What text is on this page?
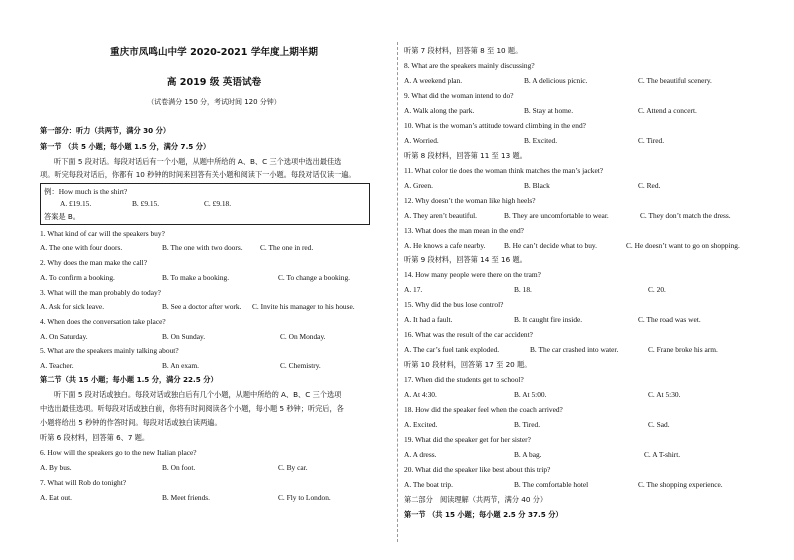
重庆市凤鸣山中学 2020-2021 学年度上期半期
高 2019 级 英语试卷
（试卷满分 150 分，考试时间 120 分钟）
第一部分：听力（共两节，满分 30 分）
第一节 （共 5 小题；每小题 1.5 分，满分 7.5 分）
听下面 5 段对话。每段对话后有一个小题，从题中所给的 A、B、C 三个选项中选出最佳选
项。听完每段对话后，你都有 10 秒钟的时间来回答有关小题和阅读下一小题。每段对话仅读一遍。
例：How much is the shirt?
A. £19.15.	B. £9.15.	C. £9.18.
答案是 B。
1. What kind of car will the speakers buy?
A. The one with four doors.	B. The one with two doors. C. The one in red.
2. Why does the man make the call?
A. To confirm a booking.	B. To make a booking.	C. To change a booking.
3. What will the man probably do today?
A. Ask for sick leave.	B. See a doctor after work. C. Invite his manager to his house.
4. When does the conversation take place?
A. On Saturday.	B. On Sunday.	C. On Monday.
5. What are the speakers mainly talking about?
A. Teacher.	B. An exam.	C. Chemistry.
第二节（共 15 小题；每小题 1.5 分，满分 22.5 分）
听下面 5 段对话或独白。每段对话或独白后有几个小题，从题中所给的 A、B、C 三个选项
中选出最佳选项。听每段对话或独白前，你将有时间阅读各个小题，每小题 5 秒钟；听完后，各
小题将给出 5 秒钟的作答时间。每段对话或独白读两遍。
听第 6 段材料，回答第 6、7 题。
6. How will the speakers go to the new Italian place?
A. By bus.	B. On foot.	C. By car.
7. What will Rob do tonight?
A. Eat out.	B. Meet friends.	C. Fly to London.
听第 7 段材料，回答第 8 至 10 题。
8. What are the speakers mainly discussing?
A. A weekend plan.	B. A delicious picnic.	C. The beautiful scenery.
9. What did the woman intend to do?
A. Walk along the park.	B. Stay at home.	C. Attend a concert.
10. What is the woman’s attitude toward climbing in the end?
A. Worried.	B. Excited.	C. Tired.
听第 8 段材料，回答第 11 至 13 题。
11. What color tie does the woman think matches the man’s jacket?
A. Green.	B. Black	C. Red.
12. Why doesn’t the woman like high heels?
A. They aren’t beautiful.	B. They are uncomfortable to wear.	C. They don’t match the dress.
13. What does the man mean in the end?
A. He knows a cafe nearby.	B. He can’t decide what to buy.	C. He doesn’t want to go on shopping.
听第 9 段材料，回答第 14 至 16 题。
14. How many people were there on the tram?
A. 17.	B. 18.	C. 20.
15. Why did the bus lose control?
A. It had a fault.	B. It caught fire inside.	C. The road was wet.
16. What was the result of the car accident?
A. The car’s fuel tank exploded.	B. The car crashed into water.	C. Frane broke his arm.
听第 10 段材料，回答第 17 至 20 题。
17. When did the students get to school?
A. At 4:30.	B. At 5:00.	C. At 5:30.
18. How did the speaker feel when the coach arrived?
A. Excited.	B. Tired.	C. Sad.
19. What did the speaker get for her sister?
A. A dress.	B. A bag.	C. A T-shirt.
20. What did the speaker like best about this trip?
A. The boat trip.	B. The comfortable hotel	C. The shopping experience.
第二部分　阅读理解（共两节，满分 40 分）
第一节 （共 15 小题；每小题 2.5 分 37.5 分）
